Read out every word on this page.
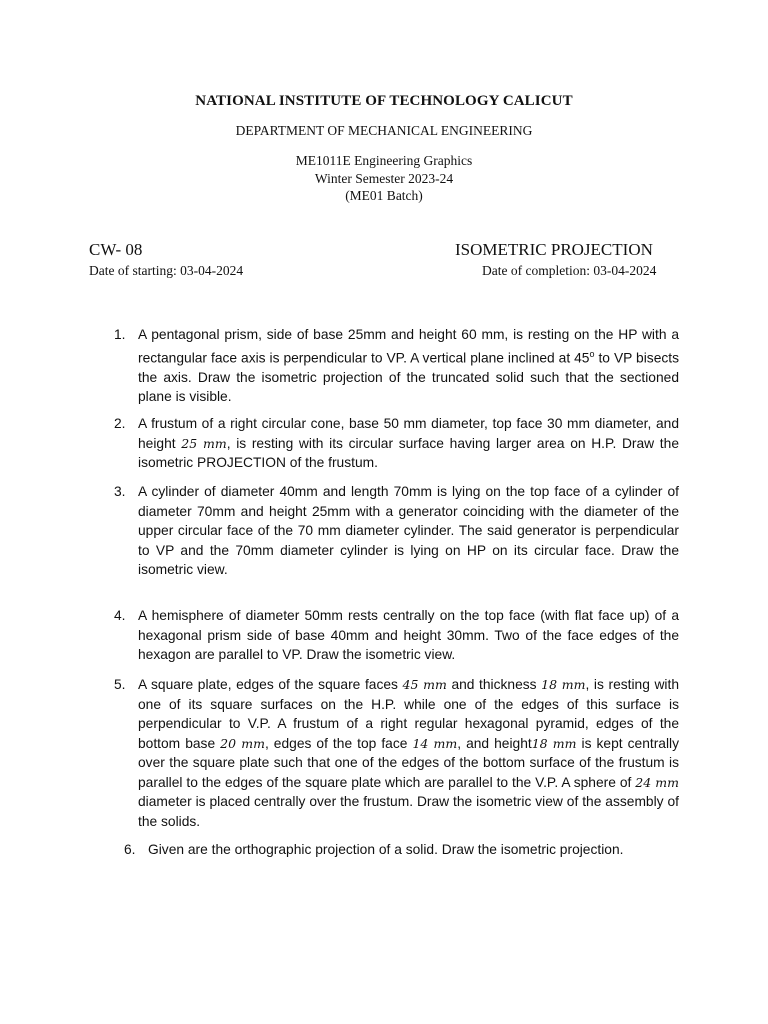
NATIONAL INSTITUTE OF TECHNOLOGY CALICUT
DEPARTMENT OF MECHANICAL ENGINEERING
ME1011E Engineering Graphics
Winter Semester 2023-24
(ME01 Batch)
CW- 08	ISOMETRIC PROJECTION
Date of starting: 03-04-2024	Date of completion: 03-04-2024
1. A pentagonal prism, side of base 25mm and height 60 mm, is resting on the HP with a rectangular face axis is perpendicular to VP. A vertical plane inclined at 45$^o$ to VP bisects the axis. Draw the isometric projection of the truncated solid such that the sectioned plane is visible.
2. A frustum of a right circular cone, base 50 mm diameter, top face 30 mm diameter, and height 25 mm, is resting with its circular surface having larger area on H.P. Draw the isometric PROJECTION of the frustum.
3. A cylinder of diameter 40mm and length 70mm is lying on the top face of a cylinder of diameter 70mm and height 25mm with a generator coinciding with the diameter of the upper circular face of the 70 mm diameter cylinder. The said generator is perpendicular to VP and the 70mm diameter cylinder is lying on HP on its circular face. Draw the isometric view.
4. A hemisphere of diameter 50mm rests centrally on the top face (with flat face up) of a hexagonal prism side of base 40mm and height 30mm. Two of the face edges of the hexagon are parallel to VP. Draw the isometric view.
5. A square plate, edges of the square faces 45 mm and thickness 18 mm, is resting with one of its square surfaces on the H.P. while one of the edges of this surface is perpendicular to V.P. A frustum of a right regular hexagonal pyramid, edges of the bottom base 20 mm, edges of the top face 14 mm, and height18 mm is kept centrally over the square plate such that one of the edges of the bottom surface of the frustum is parallel to the edges of the square plate which are parallel to the V.P. A sphere of 24 mm diameter is placed centrally over the frustum. Draw the isometric view of the assembly of the solids.
6. Given are the orthographic projection of a solid. Draw the isometric projection.
